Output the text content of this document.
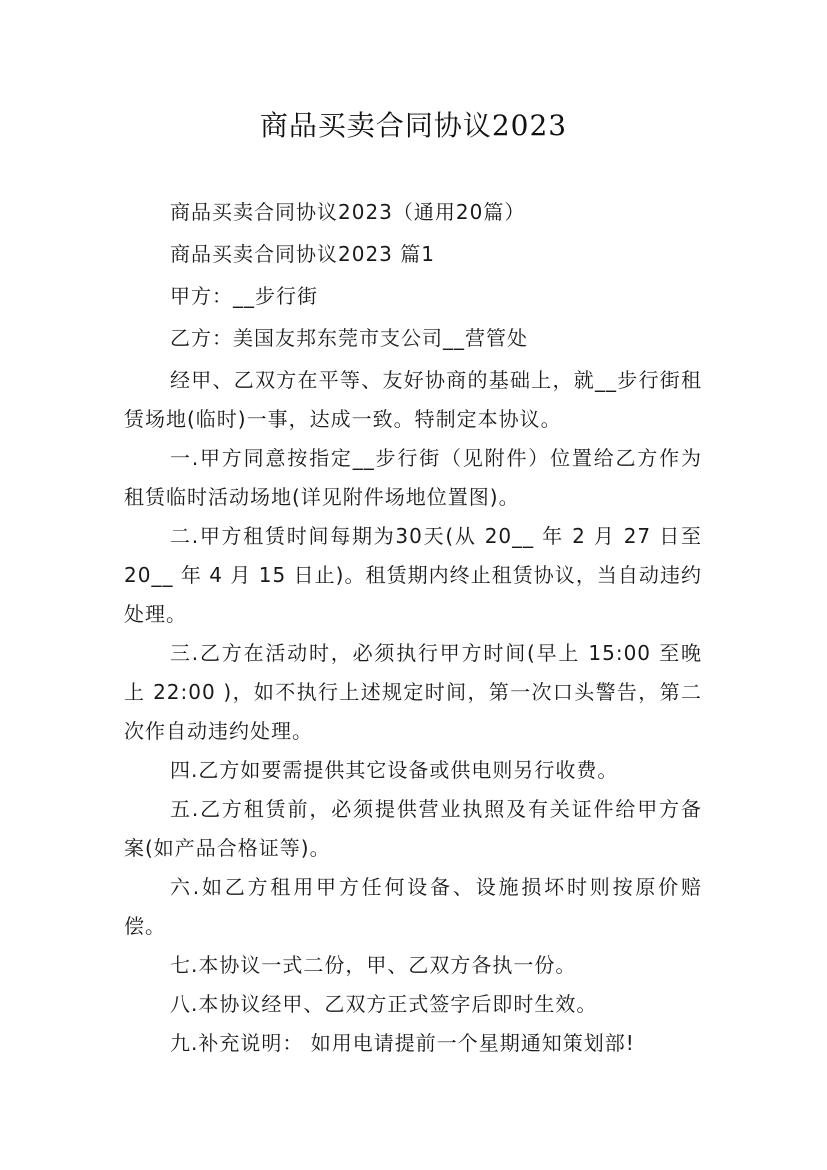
商品买卖合同协议2023

商品买卖合同协议2023（通用20篇）

商品买卖合同协议2023 篇1

甲方：__步行街

乙方：美国友邦东莞市支公司__营管处

经甲、乙双方在平等、友好协商的基础上，就__步行街租赁场地(临时)一事，达成一致。特制定本协议。

一.甲方同意按指定__步行街（见附件）位置给乙方作为租赁临时活动场地(详见附件场地位置图)。

二.甲方租赁时间每期为30天(从 20__ 年 2 月 27 日至 20__ 年 4 月 15 日止)。租赁期内终止租赁协议，当自动违约处理。

三.乙方在活动时，必须执行甲方时间(早上 15:00 至晚上 22:00 )，如不执行上述规定时间，第一次口头警告，第二次作自动违约处理。

四.乙方如要需提供其它设备或供电则另行收费。

五.乙方租赁前，必须提供营业执照及有关证件给甲方备案(如产品合格证等)。

六.如乙方租用甲方任何设备、设施损坏时则按原价赔偿。

七.本协议一式二份，甲、乙双方各执一份。

八.本协议经甲、乙双方正式签字后即时生效。

九.补充说明： 如用电请提前一个星期通知策划部!
